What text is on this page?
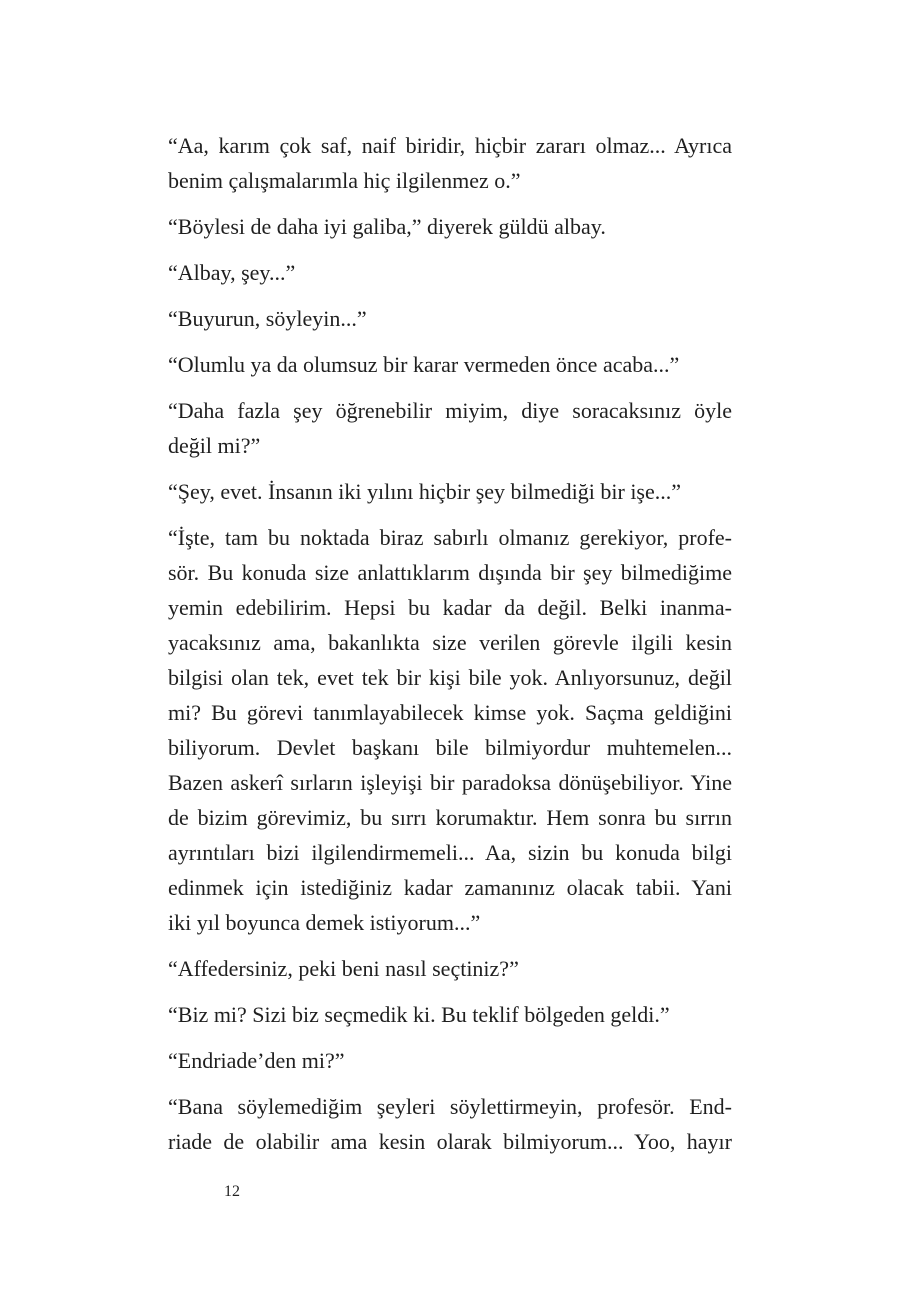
“Aa, karım çok saf, naif biridir, hiçbir zararı olmaz... Ayrıca
benim çalışmalarımla hiç ilgilenmez o.”

“Böylesi de daha iyi galiba,” diyerek güldü albay.

“Albay, şey...”

“Buyurun, söyleyin...”

“Olumlu ya da olumsuz bir karar vermeden önce acaba...”

“Daha fazla şey öğrenebilir miyim, diye soracaksınız öyle
değil mi?”

“Şey, evet. İnsanın iki yılını hiçbir şey bilmediği bir işe...”

“İşte, tam bu noktada biraz sabırlı olmanız gerekiyor, profe-
sör. Bu konuda size anlattıklarım dışında bir şey bilmediğime
yemin edebilirim. Hepsi bu kadar da değil. Belki inanma-
yacaksınız ama, bakanlıkta size verilen görevle ilgili kesin
bilgisi olan tek, evet tek bir kişi bile yok. Anlıyorsunuz, değil
mi? Bu görevi tanımlayabilecek kimse yok. Saçma geldiğini
biliyorum. Devlet başkanı bile bilmiyordur muhtemelen...
Bazen askerî sırların işleyişi bir paradoksa dönüşebiliyor. Yine
de bizim görevimiz, bu sırrı korumaktır. Hem sonra bu sırrın
ayrıntıları bizi ilgilendirmemeli... Aa, sizin bu konuda bilgi
edinmek için istediğiniz kadar zamanınız olacak tabii. Yani
iki yıl boyunca demek istiyorum...”

“Affedersiniz, peki beni nasıl seçtiniz?”

“Biz mi? Sizi biz seçmedik ki. Bu teklif bölgeden geldi.”

“Endriade’den mi?”

“Bana söylemediğim şeyleri söylettirmeyin, profesör. End-
riade de olabilir ama kesin olarak bilmiyorum... Yoo, hayır

12
